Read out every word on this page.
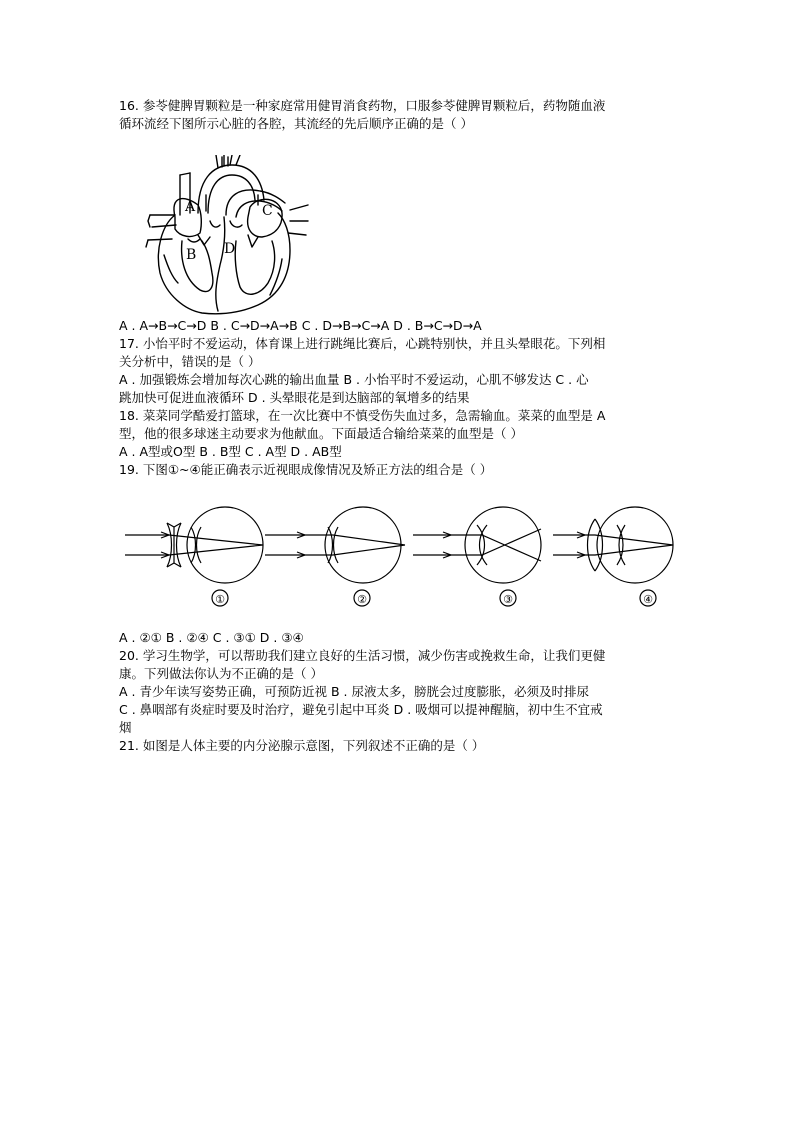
16. 参苓健脾胃颗粒是一种家庭常用健胃消食药物，口服参苓健脾胃颗粒后，药物随血液
循环流经下图所示心脏的各腔，其流经的先后顺序正确的是（ ）
A	C
B D
A . A→B→C→D B . C→D→A→B C . D→B→C→A D . B→C→D→A
17. 小怡平时不爱运动，体育课上进行跳绳比赛后，心跳特别快，并且头晕眼花。下列相
关分析中，错误的是（ ）
A . 加强锻炼会增加每次心跳的输出血量 B . 小怡平时不爱运动，心肌不够发达 C . 心
跳加快可促进血液循环 D . 头晕眼花是到达脑部的氧增多的结果
18. 菜菜同学酷爱打篮球，在一次比赛中不慎受伤失血过多，急需输血。菜菜的血型是 A
型，他的很多球迷主动要求为他献血。下面最适合输给菜菜的血型是（ ）
A . A型或O型 B . B型 C . A型 D . AB型
19. 下图①~④能正确表示近视眼成像情况及矫正方法的组合是（ ）
①	②	③	④
A . ②① B . ②④ C . ③① D . ③④
20. 学习生物学，可以帮助我们建立良好的生活习惯，减少伤害或挽救生命，让我们更健
康。下列做法你认为不正确的是（ ）
A . 青少年读写姿势正确，可预防近视 B . 尿液太多，膀胱会过度膨胀，必须及时排尿
C . 鼻咽部有炎症时要及时治疗，避免引起中耳炎 D . 吸烟可以提神醒脑，初中生不宜戒
烟
21. 如图是人体主要的内分泌腺示意图，下列叙述不正确的是（ ）
